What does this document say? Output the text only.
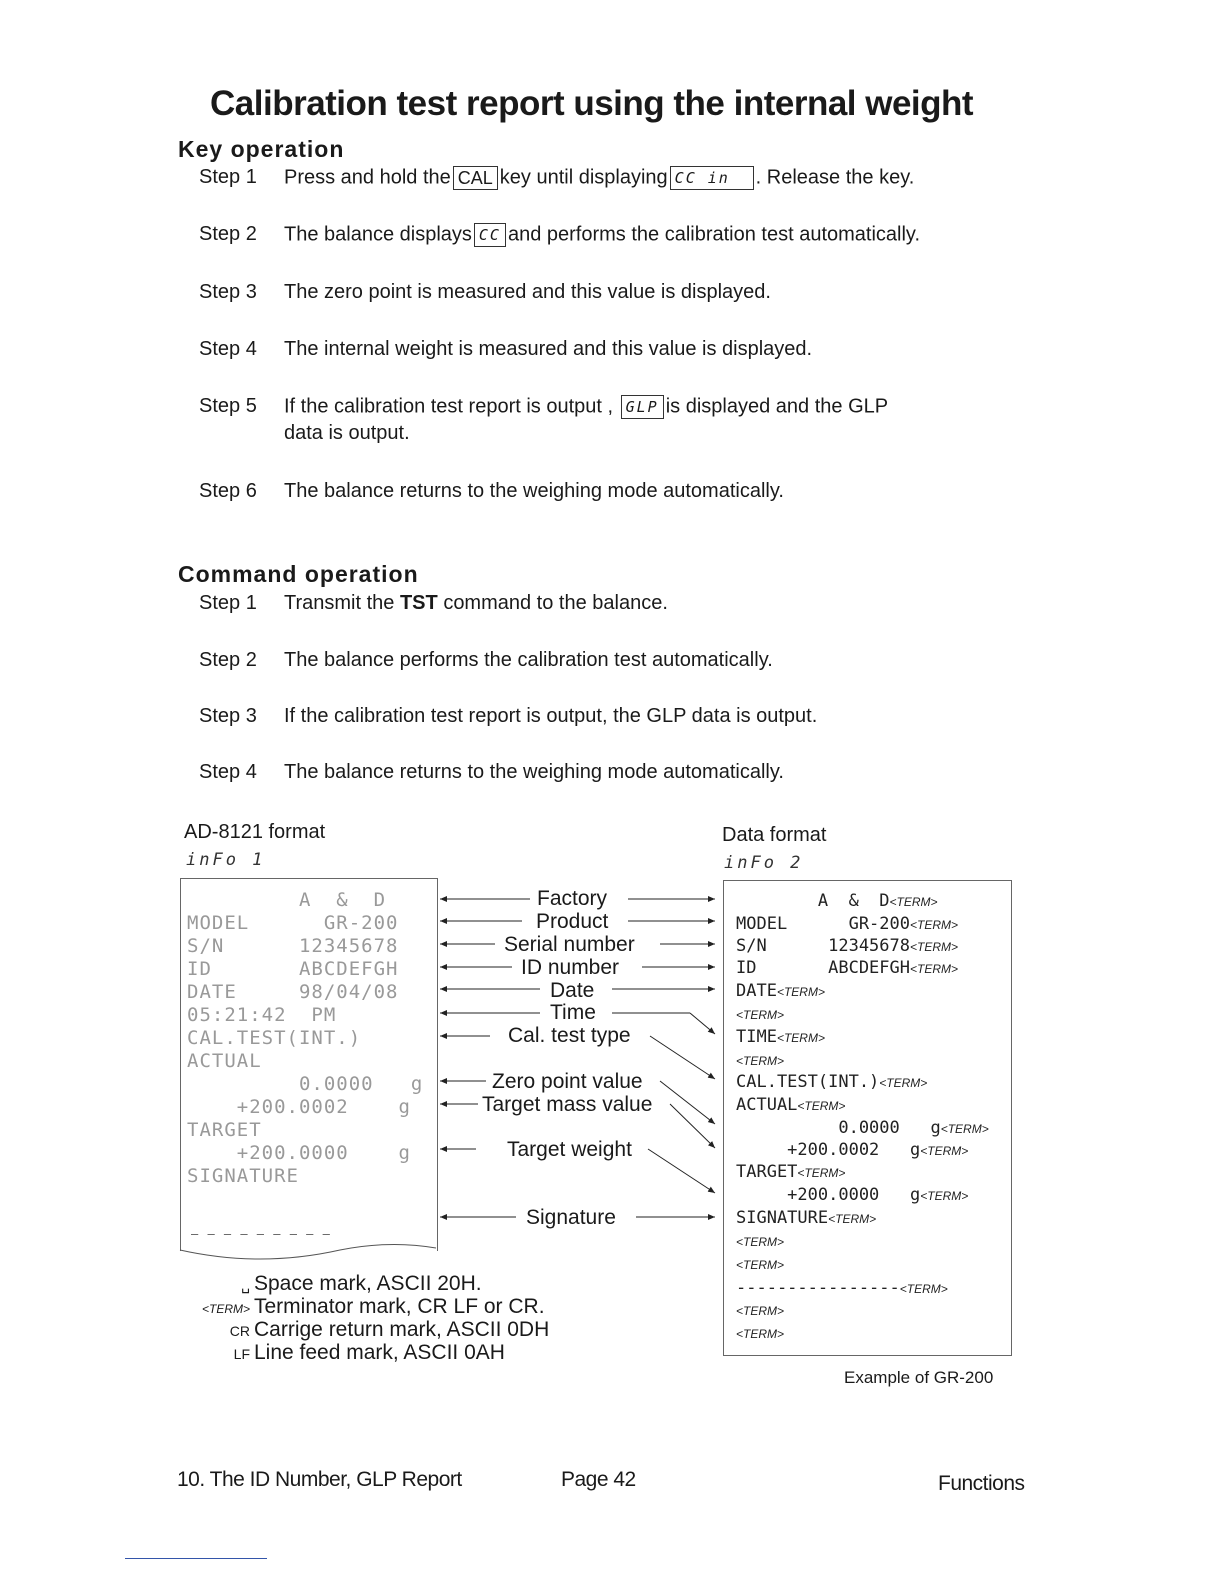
Calibration test report using the internal weight
Key operation
Step 1 Press and hold the CAL key until displaying CC in . Release the key.
Step 2 The balance displays CC and performs the calibration test automatically.
Step 3 The zero point is measured and this value is displayed.
Step 4 The internal weight is measured and this value is displayed.
Step 5 If the calibration test report is output , GLP is displayed and the GLP
data is output.
Step 6 The balance returns to the weighing mode automatically.
Command operation
Step 1 Transmit the TST command to the balance.
Step 2 The balance performs the calibration test automatically.
Step 3 If the calibration test report is output, the GLP data is output.
Step 4 The balance returns to the weighing mode automatically.
AD-8121 format
inFo 1
A  &  D
MODEL      GR-200
S/N      12345678
ID       ABCDEFGH
DATE     98/04/08
05:21:42  PM
CAL.TEST(INT.)
ACTUAL
0.0000   g
+200.0002    g
TARGET
+200.0000    g
SIGNATURE
– – – – – – – – –
Data format
inFo 2
A  &  D<TERM>
MODEL      GR-200<TERM>
S/N      12345678<TERM>
ID       ABCDEFGH<TERM>
DATE<TERM>
<TERM>
TIME<TERM>
<TERM>
CAL.TEST(INT.)<TERM>
ACTUAL<TERM>
0.0000   g<TERM>
+200.0002   g<TERM>
TARGET<TERM>
+200.0000   g<TERM>
SIGNATURE<TERM>
<TERM>
<TERM>
----------------<TERM>
<TERM>
<TERM>
Factory
Product
Serial number
ID number
Date
Time
Cal. test type
Zero point value
Target mass value
Target weight
Signature
␣ Space mark, ASCII 20H.
<TERM> Terminator mark, CR LF or CR.
CR Carrige return mark, ASCII 0DH
LF Line feed mark, ASCII 0AH
Example of GR-200
10. The ID Number, GLP Report	Page 42	Functions
